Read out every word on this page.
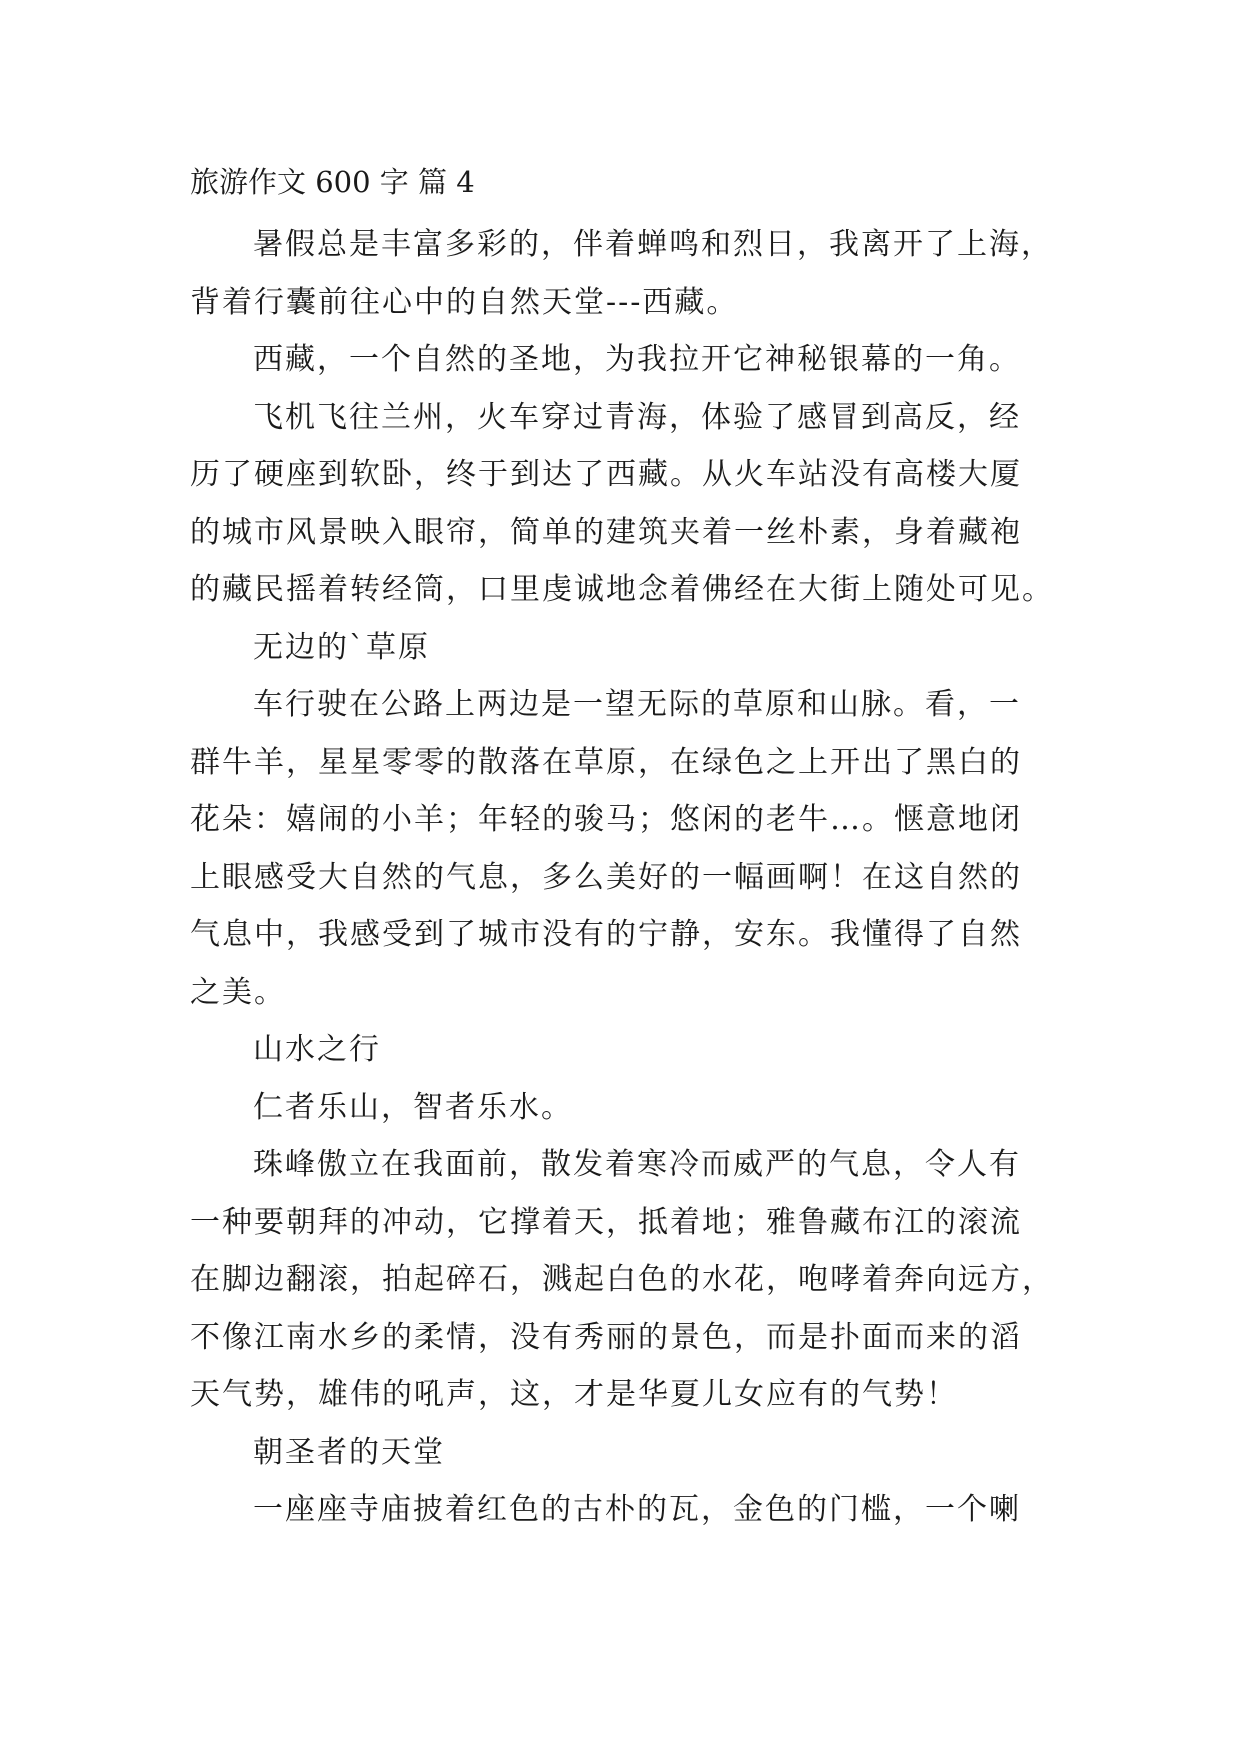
旅游作文 600 字 篇 4
暑假总是丰富多彩的，伴着蝉鸣和烈日，我离开了上海，
背着行囊前往心中的自然天堂---西藏。
西藏，一个自然的圣地，为我拉开它神秘银幕的一角。
飞机飞往兰州，火车穿过青海，体验了感冒到高反，经
历了硬座到软卧，终于到达了西藏。从火车站没有高楼大厦
的城市风景映入眼帘，简单的建筑夹着一丝朴素，身着藏袍
的藏民摇着转经筒，口里虔诚地念着佛经在大街上随处可见。
无边的`草原
车行驶在公路上两边是一望无际的草原和山脉。看，一
群牛羊，星星零零的散落在草原，在绿色之上开出了黑白的
花朵：嬉闹的小羊；年轻的骏马；悠闲的老牛…。惬意地闭
上眼感受大自然的气息，多么美好的一幅画啊！在这自然的
气息中，我感受到了城市没有的宁静，安东。我懂得了自然
之美。
山水之行
仁者乐山，智者乐水。
珠峰傲立在我面前，散发着寒冷而威严的气息，令人有
一种要朝拜的冲动，它撑着天，抵着地；雅鲁藏布江的滚流
在脚边翻滚，拍起碎石，溅起白色的水花，咆哮着奔向远方，
不像江南水乡的柔情，没有秀丽的景色，而是扑面而来的滔
天气势，雄伟的吼声，这，才是华夏儿女应有的气势！
朝圣者的天堂
一座座寺庙披着红色的古朴的瓦，金色的门槛，一个喇
